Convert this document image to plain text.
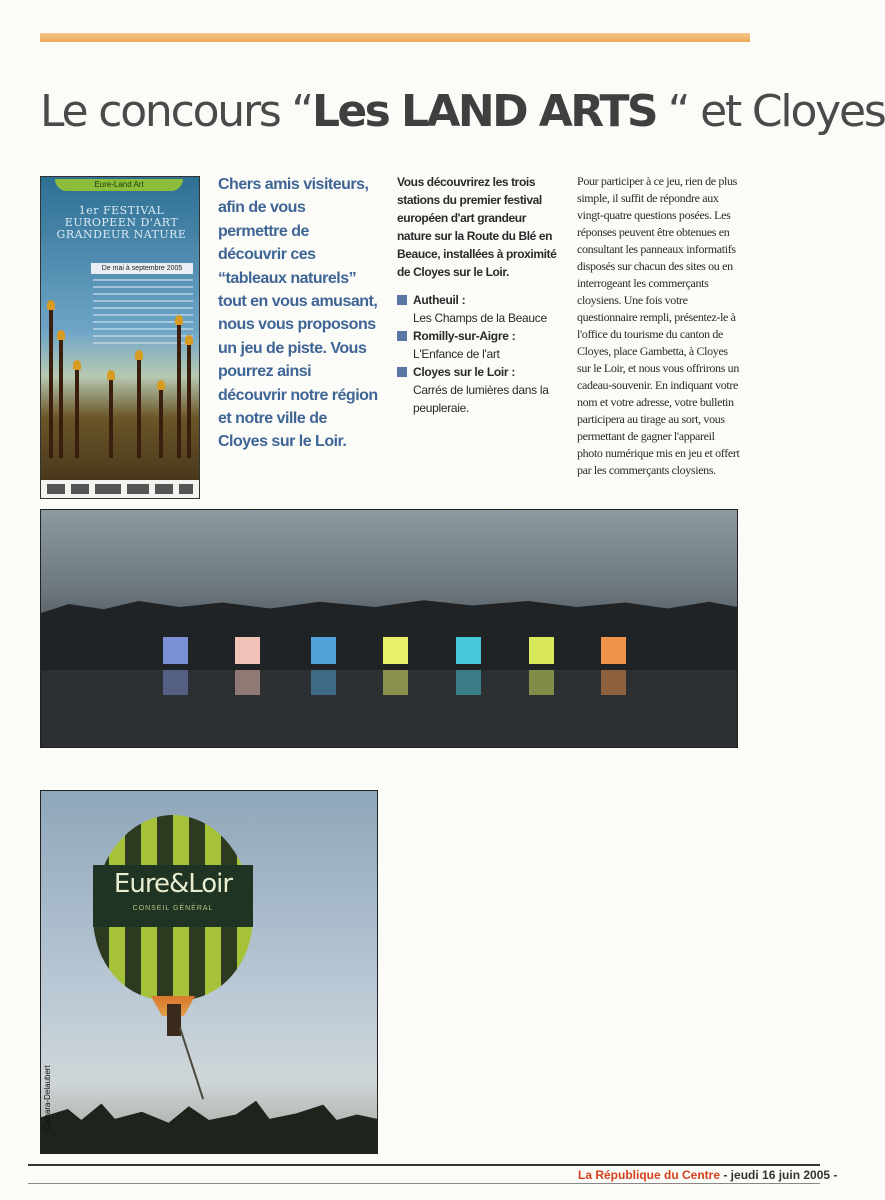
Le concours “Les LAND ARTS “ et Cloyes
Eure-Land Art
1er FESTIVAL EUROPEEN D'ART GRANDEUR NATURE
De mai à septembre 2005

Chers amis visiteurs, afin de vous permettre de découvrir ces “tableaux naturels” tout en vous amusant, nous vous proposons un jeu de piste. Vous pourrez ainsi découvrir notre région et notre ville de Cloyes sur le Loir.

Vous découvrirez les trois stations du premier festival européen d'art grandeur nature sur la Route du Blé en Beauce, installées à proximité de Cloyes sur le Loir.

Autheuil :
Les Champs de la Beauce
Romilly-sur-Aigre :
L'Enfance de l'art
Cloyes sur le Loir :
Carrés de lumières dans la peupleraie.

Pour participer à ce jeu, rien de plus simple, il suffit de répondre aux vingt-quatre questions posées. Les réponses peuvent être obtenues en consultant les panneaux informatifs disposés sur chacun des sites ou en interrogeant les commerçants cloysiens. Une fois votre questionnaire rempli, présentez-le à l'office du tourisme du canton de Cloyes, place Gambetta, à Cloyes sur le Loir, et nous vous offrirons un cadeau-souvenir. En indiquant votre nom et votre adresse, votre bulletin participera au tirage au sort, vous permettant de gagner l'appareil photo numérique mis en jeu et offert par les commerçants cloysiens.

Eure&Loir
CONSEIL GÉNÉRAL
Camara-Delaubert
La République du Centre - jeudi 16 juin 2005 -
